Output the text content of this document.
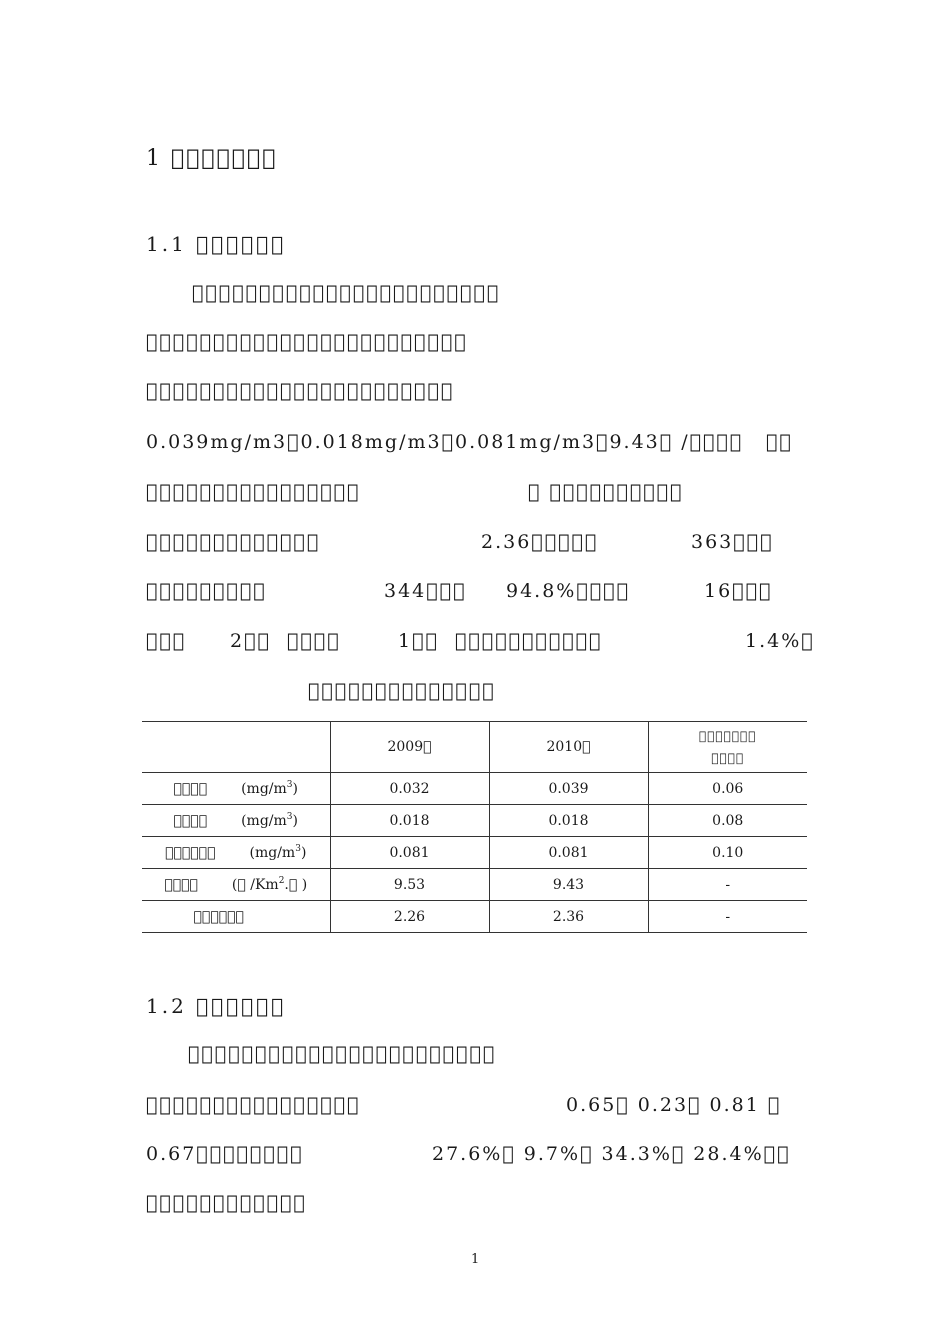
1 􀀀􀀀􀀀􀀀􀀀􀀀􀀀
1.1 􀀀􀀀􀀀􀀀􀀀􀀀
􀀀􀀀􀀀􀀀􀀀􀀀􀀀􀀀􀀀􀀀􀀀􀀀􀀀􀀀􀀀􀀀􀀀􀀀􀀀􀀀􀀀􀀀􀀀
􀀀􀀀􀀀􀀀􀀀􀀀􀀀􀀀􀀀􀀀􀀀􀀀􀀀􀀀􀀀􀀀􀀀􀀀􀀀􀀀􀀀􀀀􀀀􀀀
􀀀􀀀􀀀􀀀􀀀􀀀􀀀􀀀􀀀􀀀􀀀􀀀􀀀􀀀􀀀􀀀􀀀􀀀􀀀􀀀􀀀􀀀􀀀
0.039mg/m3􀀀0.018mg/m3􀀀0.081mg/m3􀀀9.43􀀀 /􀀀􀀀􀀀􀀀 􀀀􀀀
􀀀􀀀􀀀􀀀􀀀􀀀􀀀􀀀􀀀􀀀􀀀􀀀􀀀􀀀􀀀􀀀	􀀀 􀀀􀀀􀀀􀀀􀀀􀀀􀀀􀀀􀀀􀀀
􀀀􀀀􀀀􀀀􀀀􀀀􀀀􀀀􀀀􀀀􀀀􀀀􀀀	2.36􀀀􀀀􀀀􀀀􀀀	363􀀀􀀀􀀀
􀀀􀀀􀀀􀀀􀀀􀀀􀀀􀀀􀀀	344􀀀􀀀􀀀 94.8%􀀀􀀀􀀀􀀀	16􀀀􀀀􀀀
􀀀􀀀􀀀 2􀀀􀀀 􀀀􀀀􀀀􀀀	1􀀀􀀀 􀀀􀀀􀀀􀀀􀀀􀀀􀀀􀀀􀀀􀀀􀀀	1.4%􀀀
􀀀􀀀􀀀􀀀􀀀􀀀􀀀􀀀􀀀􀀀􀀀􀀀􀀀􀀀
	2009􀀀	2010􀀀	􀀀􀀀􀀀􀀀􀀀􀀀􀀀
􀀀􀀀􀀀􀀀

􀀀􀀀􀀀􀀀 $(mg/m^3)$	0.032	0.039	0.06
􀀀􀀀􀀀􀀀 $(mg/m^3)$	0.018	0.018	0.08
􀀀􀀀􀀀􀀀􀀀􀀀 $(mg/m^3)$	0.081	0.081	0.10
􀀀􀀀􀀀􀀀 (􀀀 /Km$^2$.􀀀 )	9.53	9.43	-
􀀀􀀀􀀀􀀀􀀀􀀀	2.26	2.36	-
1.2 􀀀􀀀􀀀􀀀􀀀􀀀
􀀀􀀀􀀀􀀀􀀀􀀀􀀀􀀀􀀀􀀀􀀀􀀀􀀀􀀀􀀀􀀀􀀀􀀀􀀀􀀀􀀀􀀀􀀀
􀀀􀀀􀀀􀀀􀀀􀀀􀀀􀀀􀀀􀀀􀀀􀀀􀀀􀀀􀀀􀀀	0.65􀀀 0.23􀀀 0.81 􀀀
0.67􀀀􀀀􀀀􀀀􀀀􀀀􀀀􀀀	27.6%􀀀 9.7%􀀀 34.3%􀀀 28.4%􀀀􀀀
􀀀􀀀􀀀􀀀􀀀􀀀􀀀􀀀􀀀􀀀􀀀􀀀
1
